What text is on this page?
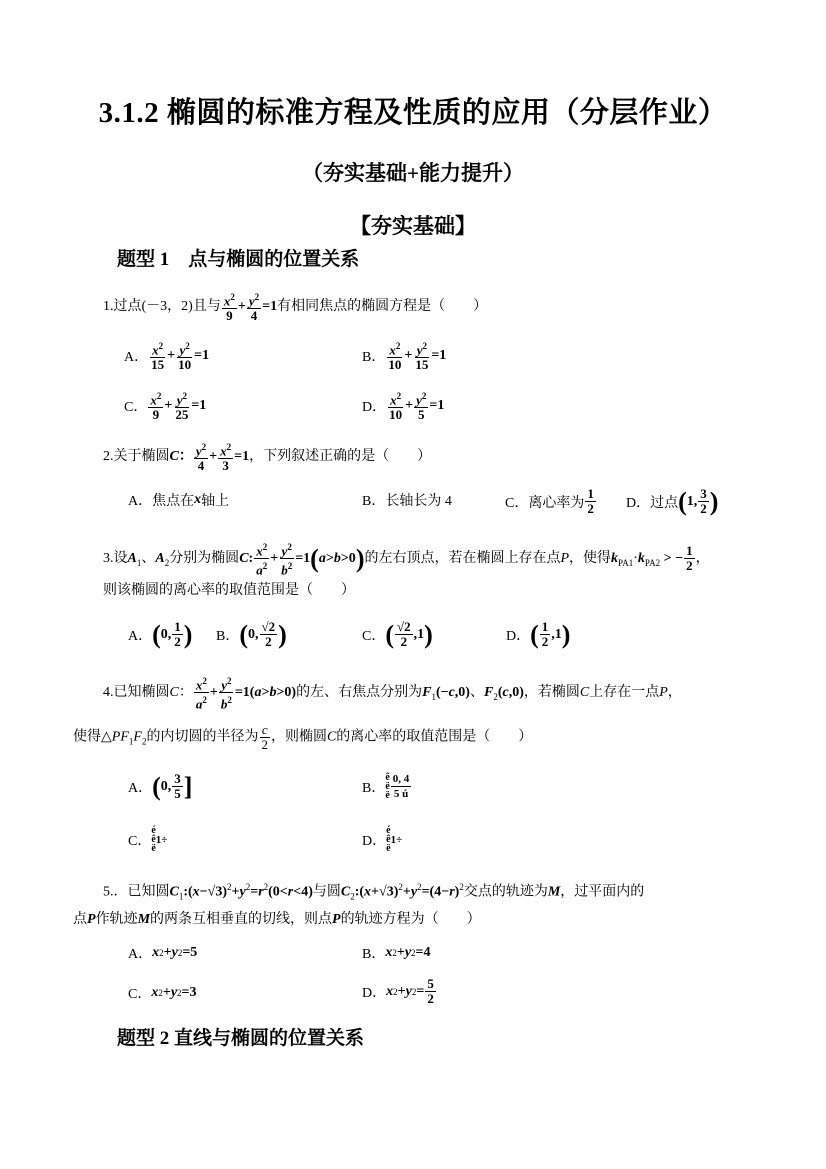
3.1.2 椭圆的标准方程及性质的应用（分层作业）
（夯实基础+能力提升）
【夯实基础】
题型 1　点与椭圆的位置关系
1.过点(－3，2)且与 $\frac{x^2}{9} + \frac{y^2}{4} =1$有相同焦点的椭圆方程是（　　）
A． $\frac{x^2}{15} + \frac{y^2}{10} =1$	B． $\frac{x^2}{10} + \frac{y^2}{15} =1$
C． $\frac{x^2}{9} + \frac{y^2}{25} =1$	D． $\frac{x^2}{10} + \frac{y^2}{5} =1$
2.关于椭圆C： $\frac{y^2}{4} + \frac{x^2}{3} =1$，下列叙述正确的是（　　）
A．焦点在 x 轴上	B．长轴长为 4	C．离心率为 $\frac{1}{2}$ D．过点 ( 1, $\frac{3}{2}$ )
3.设$A_1$、$A_2$分别为椭圆C: $\frac{x^2}{a^2} + \frac{y^2}{b^2} =1(a>b>0)$的左右顶点，若在椭圆上存在点P，使得$k_{PA1}\cdot k_{PA2}$ > − $\frac{1}{2}$ ，
则该椭圆的离心率的取值范围是（　　）
A． ( 0, $\frac{1}{2}$ ) B． ( 0, $\frac{√2}{2}$ )	C． ( $\frac{√2}{2} ,1$ )	D． ( $\frac{1}{2} ,1$ )
4.已知椭圆C： $\frac{x^2}{a^2} + \frac{y^2}{b^2} =1(a>b>0)$的左、右焦点分别为$F_1(-c,0)$、$F_2(c,0)$，若椭圆C上存在一点P，
使得$\triangle PF_1F_2$的内切圆的半径为 $\frac{c}{2}$ ，则椭圆C的离心率的取值范围是（　　）
A． ( 0, $\frac{3}{5}$ ]	B．
ê
ë
ë $\frac{0, 4}{5 ú}$
C．
é
ê
ë
1÷	D．
é
ê
ë
1÷
5.．已知圆$C_1:(x-√3)^2+y^2=r^2(0<r<4)$与圆$C_2:(x+√3)^2+y^2=(4-r)^2$交点的轨迹为M，过平面内的
点P作轨迹M的两条互相垂直的切线，则点P的轨迹方程为（　　）
A． x 2 + y 2 =5	B． x 2 + y 2 =4
C． x 2 + y 2 =3	D． x 2 + y $2 = \frac{5}{2}$
题型 2 直线与椭圆的位置关系
